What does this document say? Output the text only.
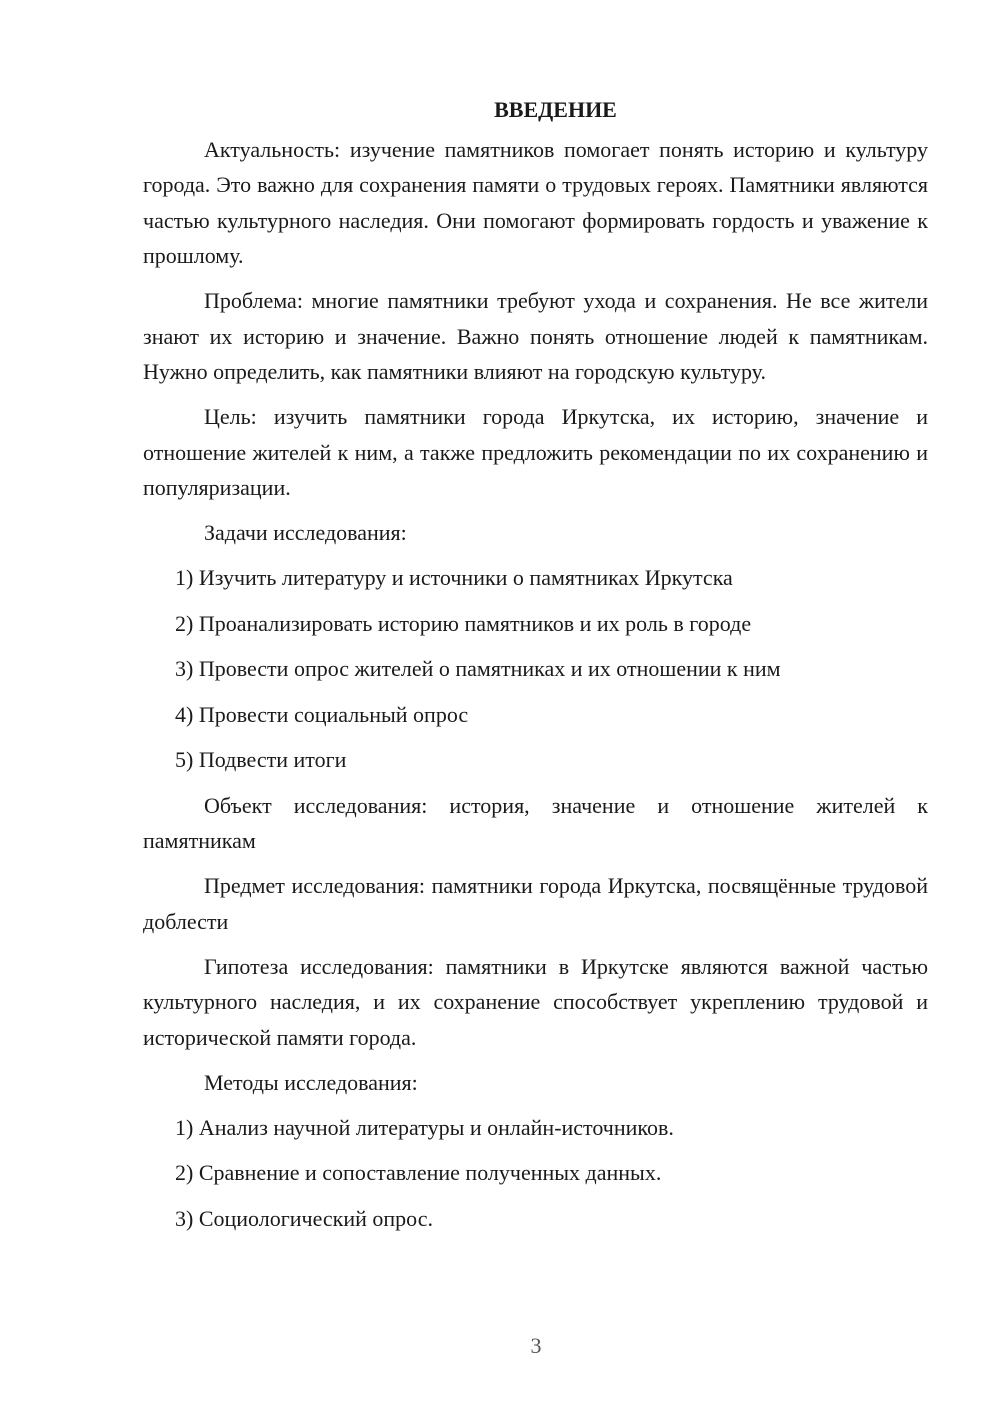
ВВЕДЕНИЕ

Актуальность: изучение памятников помогает понять историю и культуру города. Это важно для сохранения памяти о трудовых героях. Памятники являются частью культурного наследия. Они помогают формировать гордость и уважение к прошлому.

Проблема: многие памятники требуют ухода и сохранения. Не все жители знают их историю и значение. Важно понять отношение людей к памятникам. Нужно определить, как памятники влияют на городскую культуру.

Цель: изучить памятники города Иркутска, их историю, значение и отношение жителей к ним, а также предложить рекомендации по их сохранению и популяризации.

Задачи исследования:

1) Изучить литературу и источники о памятниках Иркутска
2) Проанализировать историю памятников и их роль в городе
3) Провести опрос жителей о памятниках и их отношении к ним
4) Провести социальный опрос
5) Подвести итоги

Объект исследования: история, значение и отношение жителей к памятникам

Предмет исследования: памятники города Иркутска, посвящённые трудовой доблести

Гипотеза исследования: памятники в Иркутске являются важной частью культурного наследия, и их сохранение способствует укреплению трудовой и исторической памяти города.

Методы исследования:

1) Анализ научной литературы и онлайн-источников.
2) Сравнение и сопоставление полученных данных.
3) Социологический опрос.
3
